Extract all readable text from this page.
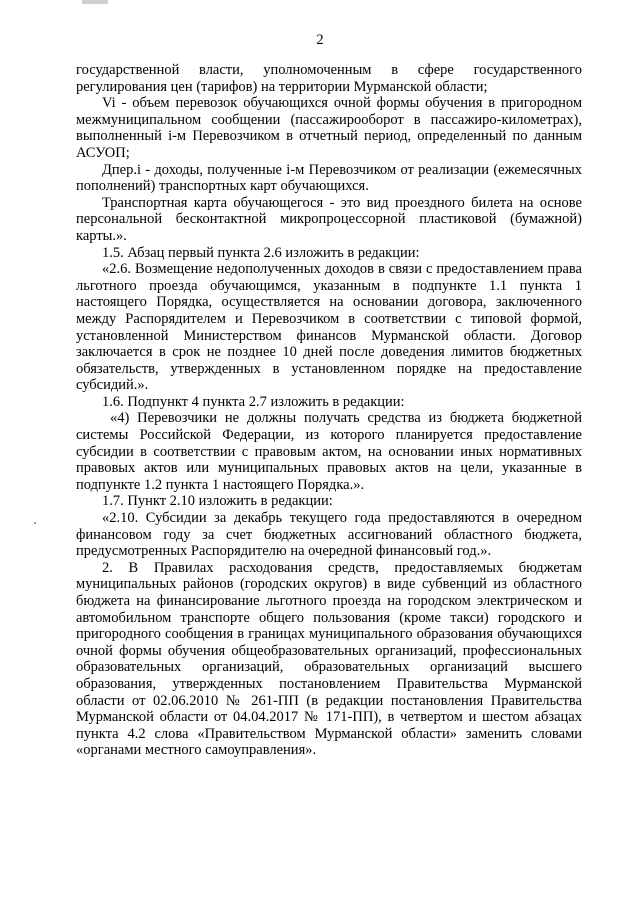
2

государственной власти, уполномоченным в сфере государственного регулирования цен (тарифов) на территории Мурманской области;

Vi - объем перевозок обучающихся очной формы обучения в пригородном межмуниципальном сообщении (пассажирооборот в пассажиро-километрах), выполненный i-м Перевозчиком в отчетный период, определенный по данным АСУОП;

Дпер.i - доходы, полученные i-м Перевозчиком от реализации (ежемесячных пополнений) транспортных карт обучающихся.

Транспортная карта обучающегося - это вид проездного билета на основе персональной бесконтактной микропроцессорной пластиковой (бумажной) карты.».

1.5. Абзац первый пункта 2.6 изложить в редакции:

«2.6. Возмещение недополученных доходов в связи с предоставлением права льготного проезда обучающимся, указанным в подпункте 1.1 пункта 1 настоящего Порядка, осуществляется на основании договора, заключенного между Распорядителем и Перевозчиком в соответствии с типовой формой, установленной Министерством финансов Мурманской области. Договор заключается в срок не позднее 10 дней после доведения лимитов бюджетных обязательств, утвержденных в установленном порядке на предоставление субсидий.».

1.6. Подпункт 4 пункта 2.7 изложить в редакции:

«4) Перевозчики не должны получать средства из бюджета бюджетной системы Российской Федерации, из которого планируется предоставление субсидии в соответствии с правовым актом, на основании иных нормативных правовых актов или муниципальных правовых актов на цели, указанные в подпункте 1.2 пункта 1 настоящего Порядка.».

1.7. Пункт 2.10 изложить в редакции:

«2.10. Субсидии за декабрь текущего года предоставляются в очередном финансовом году за счет бюджетных ассигнований областного бюджета, предусмотренных Распорядителю на очередной финансовый год.».

2. В Правилах расходования средств, предоставляемых бюджетам муниципальных районов (городских округов) в виде субвенций из областного бюджета на финансирование льготного проезда на городском электрическом и автомобильном транспорте общего пользования (кроме такси) городского и пригородного сообщения в границах муниципального образования обучающихся очной формы обучения общеобразовательных организаций, профессиональных образовательных организаций, образовательных организаций высшего образования, утвержденных постановлением Правительства Мурманской области от 02.06.2010 № 261-ПП (в редакции постановления Правительства Мурманской области от 04.04.2017 № 171-ПП), в четвертом и шестом абзацах пункта 4.2 слова «Правительством Мурманской области» заменить словами «органами местного самоуправления».
